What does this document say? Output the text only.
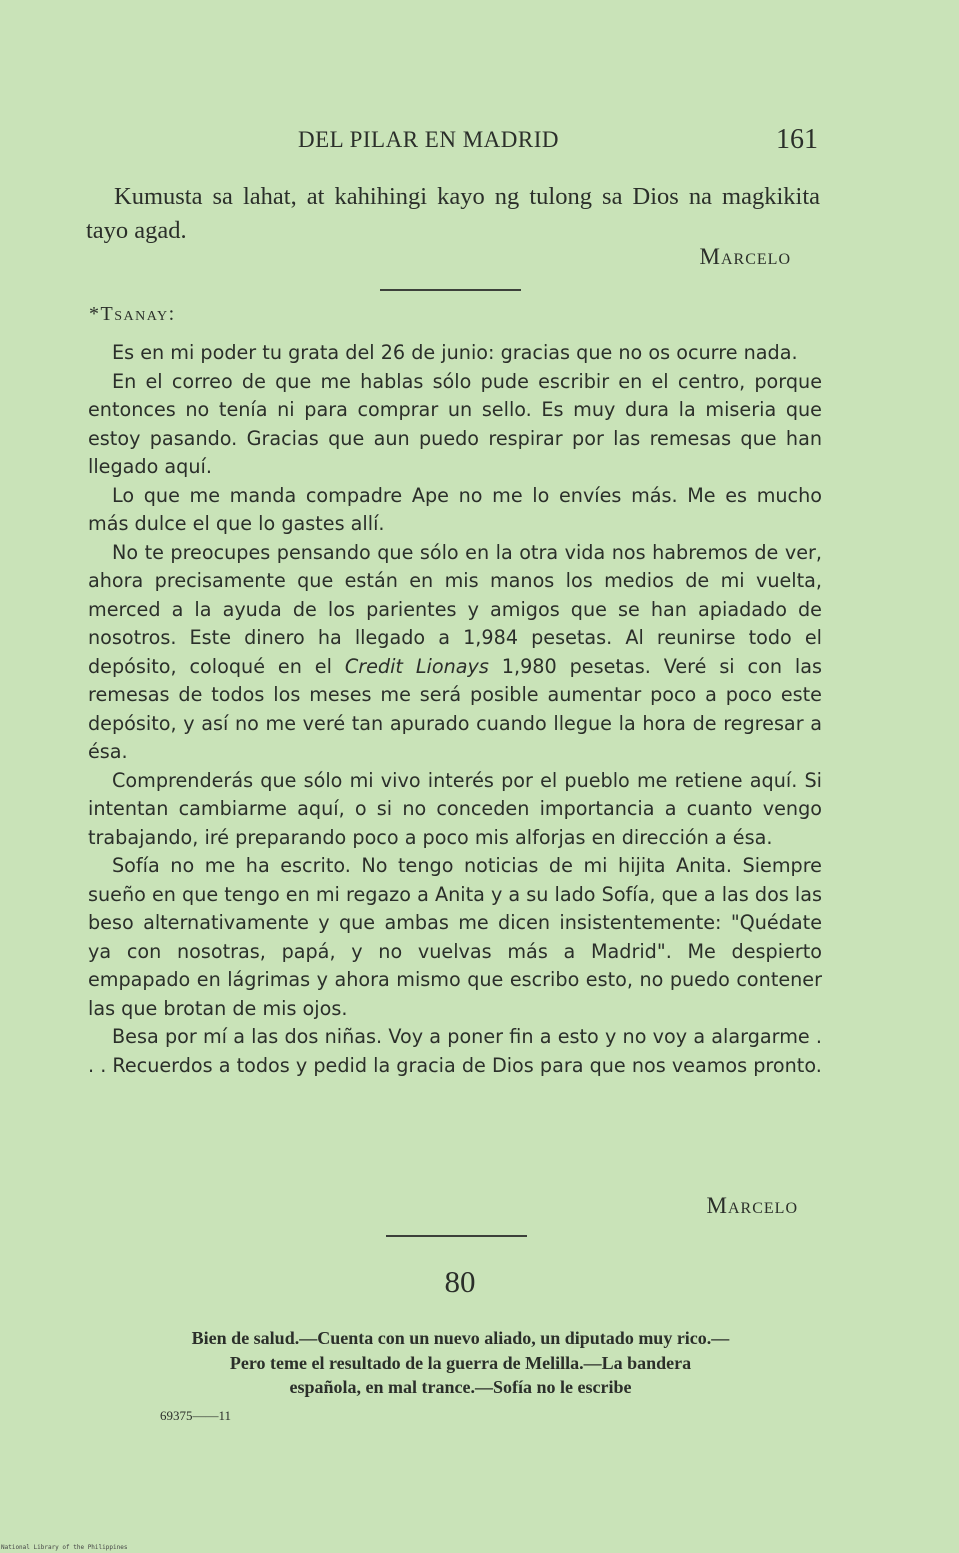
DEL PILAR EN MADRID	161

Kumusta sa lahat, at kahihingi kayo ng tulong sa Dios na magkikita tayo agad.

Marcelo
*Tsanay:

Es en mi poder tu grata del 26 de junio: gracias que no os ocurre nada.

En el correo de que me hablas sólo pude escribir en el centro, porque entonces no tenía ni para comprar un sello. Es muy dura la miseria que estoy pasando. Gracias que aun puedo respirar por las remesas que han llegado aquí.

Lo que me manda compadre Ape no me lo envíes más. Me es mucho más dulce el que lo gastes allí.

No te preocupes pensando que sólo en la otra vida nos habremos de ver, ahora precisamente que están en mis manos los medios de mi vuelta, merced a la ayuda de los parientes y amigos que se han apiadado de nosotros. Este dinero ha llegado a 1,984 pesetas. Al reunirse todo el depósito, coloqué en el Credit Lionays 1,980 pesetas. Veré si con las remesas de todos los meses me será posible aumentar poco a poco este depósito, y así no me veré tan apurado cuando llegue la hora de regresar a ésa.

Comprenderás que sólo mi vivo interés por el pueblo me retiene aquí. Si intentan cambiarme aquí, o si no conceden importancia a cuanto vengo trabajando, iré preparando poco a poco mis alforjas en dirección a ésa.

Sofía no me ha escrito. No tengo noticias de mi hijita Anita. Siempre sueño en que tengo en mi regazo a Anita y a su lado Sofía, que a las dos las beso alternativamente y que ambas me dicen insistentemente: "Quédate ya con nosotras, papá, y no vuelvas más a Madrid". Me despierto empapado en lágrimas y ahora mismo que escribo esto, no puedo contener las que brotan de mis ojos.

Besa por mí a las dos niñas. Voy a poner fin a esto y no voy a alargarme . . . Recuerdos a todos y pedid la gracia de Dios para que nos veamos pronto.

Marcelo
80

Bien de salud.—Cuenta con un nuevo aliado, un diputado muy rico.—

Pero teme el resultado de la guerra de Melilla.—La bandera

española, en mal trance.—Sofía no le escribe

69375——11
National Library of the Philippines
